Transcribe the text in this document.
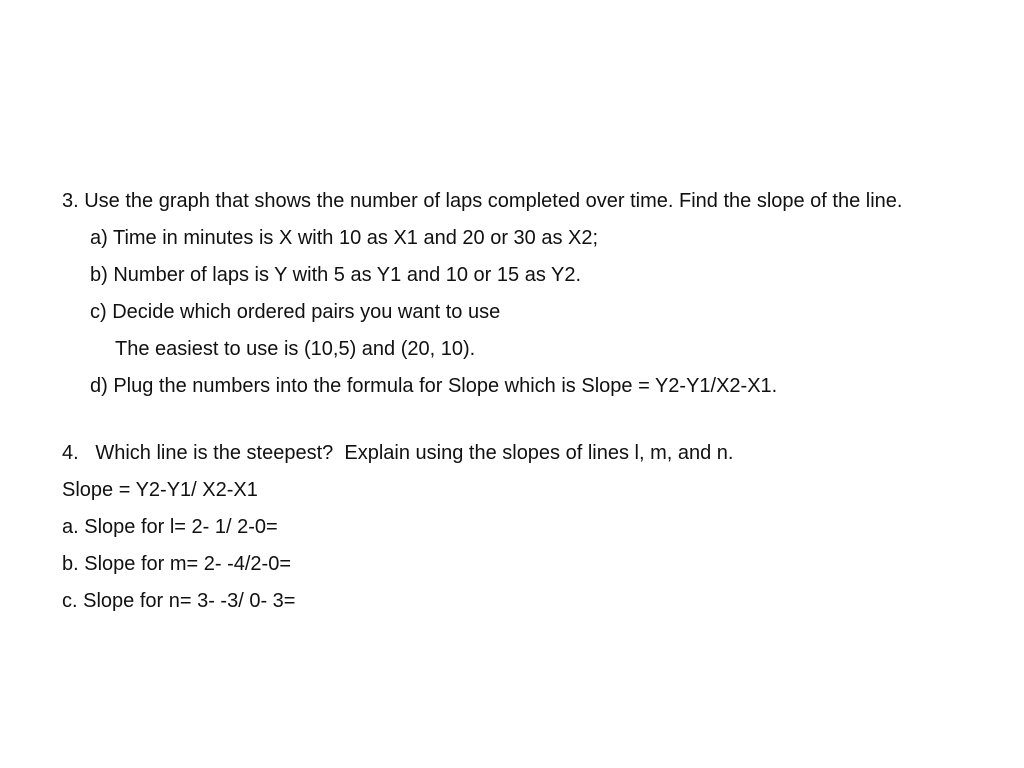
3. Use the graph that shows the number of laps completed over time. Find the slope of the line.
a) Time in minutes is X with 10 as X1 and 20 or 30 as X2;
b) Number of laps is Y with 5 as Y1 and 10 or 15 as Y2.
c) Decide which ordered pairs you want to use
The easiest to use is (10,5) and (20, 10).
d) Plug the numbers into the formula for Slope which is Slope = Y2-Y1/X2-X1.
4.   Which line is the steepest?  Explain using the slopes of lines l, m, and n.
Slope = Y2-Y1/ X2-X1
a. Slope for l= 2- 1/ 2-0=
b. Slope for m= 2- -4/2-0=
c. Slope for n= 3- -3/ 0- 3=
